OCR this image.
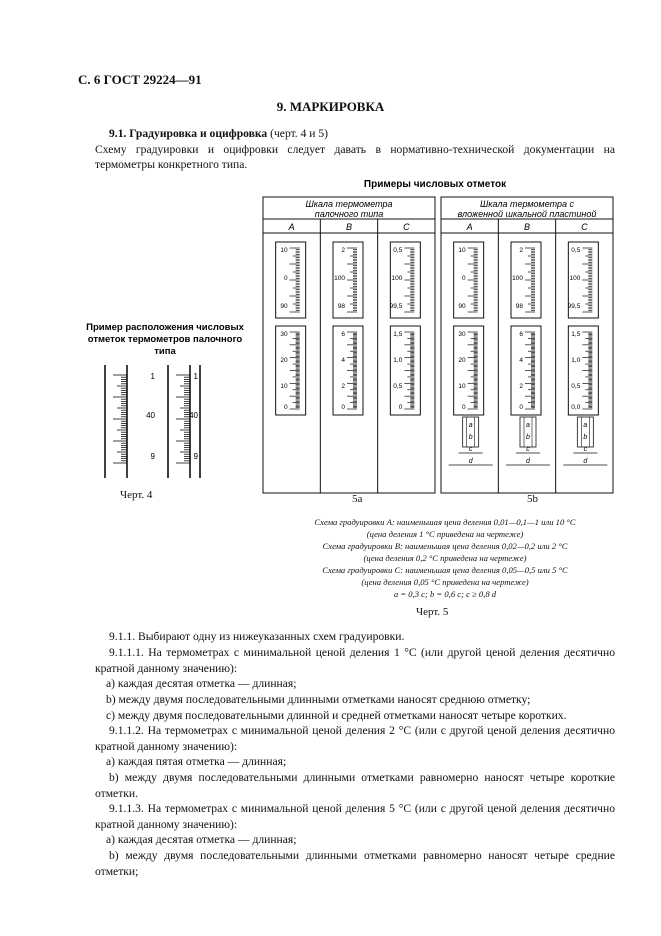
С. 6 ГОСТ 29224—91
9. МАРКИРОВКА
9.1. Градуировка и оцифровка (черт. 4 и 5)
Схему градуировки и оцифровки следует давать в нормативно-технической документации на термометры конкретного типа.
Примеры числовых отметок
Пример расположения числовых
отметок термометров палочного
типа
1
40
9
1
40
9
Шкала термометра
палочного типа
A	B	C
Шкала термометра с
вложенной шкальной пластиной
A	B	C
10
0
90
30
20
10
0
2
100
98
6
4
2
0
0,5
100
99,5
1,5
1,0
0,5
0
10
0
90
30
20
10
0
a
b
c
d
2
100
98
6
4
2
0
a
b
c
d
0,5
100
99,5
1,5
1,0
0,5
0,0
a
b
c
d
Черт. 4	5a	5b
Схема градуировки А: наименьшая цена деления 0,01—0,1—1 или 10 °С
(цена деления 1 °С приведена на чертеже)
Схема градуировки В: наименьшая цена деления 0,02—0,2 или 2 °С
(цена деления 0,2 °С приведена на чертеже)
Схема градуировки С: наименьшая цена деления 0,05—0,5 или 5 °С
(цена деления 0,05 °С приведена на чертеже)
a = 0,3 c; b = 0,6 c; c ≥ 0,8 d
Черт. 5
9.1.1. Выбирают одну из нижеуказанных схем градуировки.
9.1.1.1. На термометрах с минимальной ценой деления 1 °С (или другой ценой деления десятично кратной данному значению):
а) каждая десятая отметка — длинная;
b) между двумя последовательными длинными отметками наносят среднюю отметку;
с) между двумя последовательными длинной и средней отметками наносят четыре коротких.
9.1.1.2. На термометрах с минимальной ценой деления 2 °С (или с другой ценой деления десятично кратной данному значению):
а) каждая пятая отметка — длинная;
b) между двумя последовательными длинными отметками равномерно наносят четыре короткие отметки.
9.1.1.3. На термометрах с минимальной ценой деления 5 °С (или с другой ценой деления десятично кратной данному значению):
а) каждая десятая отметка — длинная;
b) между двумя последовательными длинными отметками равномерно наносят четыре средние отметки;
